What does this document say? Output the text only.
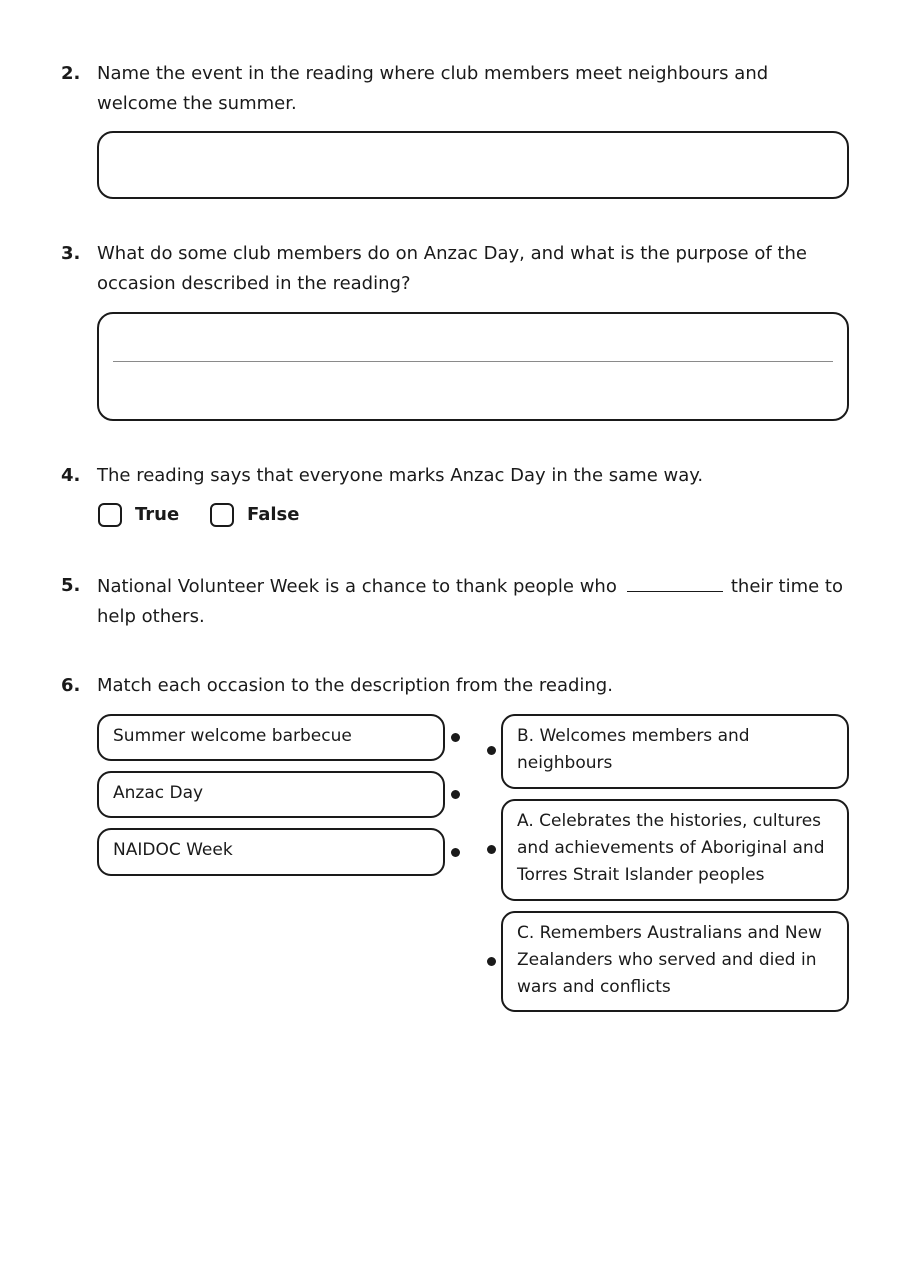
2. Name the event in the reading where club members meet neighbours and welcome the summer.
3. What do some club members do on Anzac Day, and what is the purpose of the occasion described in the reading?
4. The reading says that everyone marks Anzac Day in the same way.
True	False
5. National Volunteer Week is a chance to thank people who	their time to help others.
6. Match each occasion to the description from the reading.
Summer welcome barbecue
Anzac Day
NAIDOC Week
B. Welcomes members and neighbours
A. Celebrates the histories, cultures and achievements of Aboriginal and Torres Strait Islander peoples
C. Remembers Australians and New Zealanders who served and died in wars and conflicts
